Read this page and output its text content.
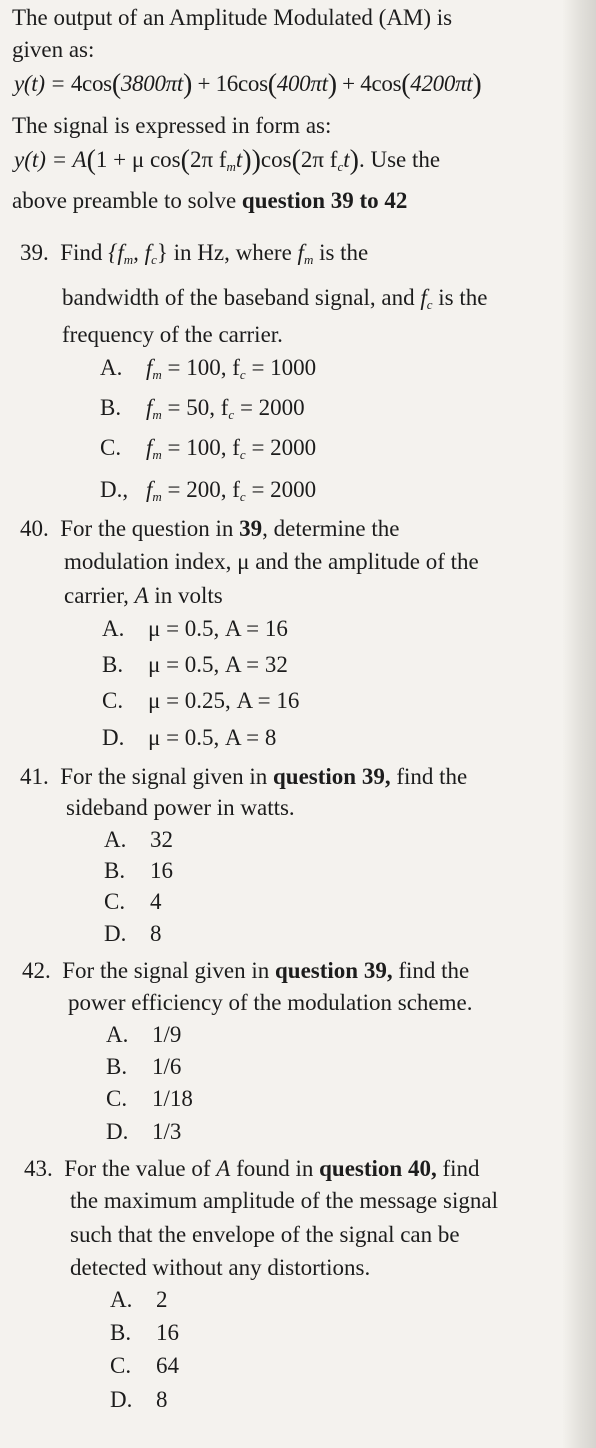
The output of an Amplitude Modulated (AM) is
given as:
y(t) = 4cos(3800πt) + 16cos(400πt) + 4cos(4200πt)
The signal is expressed in form as:
y(t) = A(1 + μ cos(2π $f_mt))\cos(2\pi$ $f_ct$). Use the
above preamble to solve question 39 to 42
39. Find {$f_m$, $f_c$} in Hz, where $f_m$ is the
bandwidth of the baseband signal, and $f_c$ is the
frequency of the carrier.
A. $f_m = 100$, $f_c = 1000$
B. $f_m = 50$, $f_c = 2000$
C. $f_m = 100$, $f_c = 2000$
D., $f_m = 200$, $f_c = 2000$
40. For the question in 39, determine the
modulation index, μ and the amplitude of the
carrier, A in volts
A. μ = 0.5, A = 16
B. μ = 0.5, A = 32
C. μ = 0.25, A = 16
D. μ = 0.5, A = 8
41. For the signal given in question 39, find the
sideband power in watts.
A. 32
B. 16
C. 4
D. 8
42. For the signal given in question 39, find the
power efficiency of the modulation scheme.
A. 1/9
B. 1/6
C. 1/18
D. 1/3
43. For the value of A found in question 40, find
the maximum amplitude of the message signal
such that the envelope of the signal can be
detected without any distortions.
A. 2
B. 16
C. 64
D. 8
